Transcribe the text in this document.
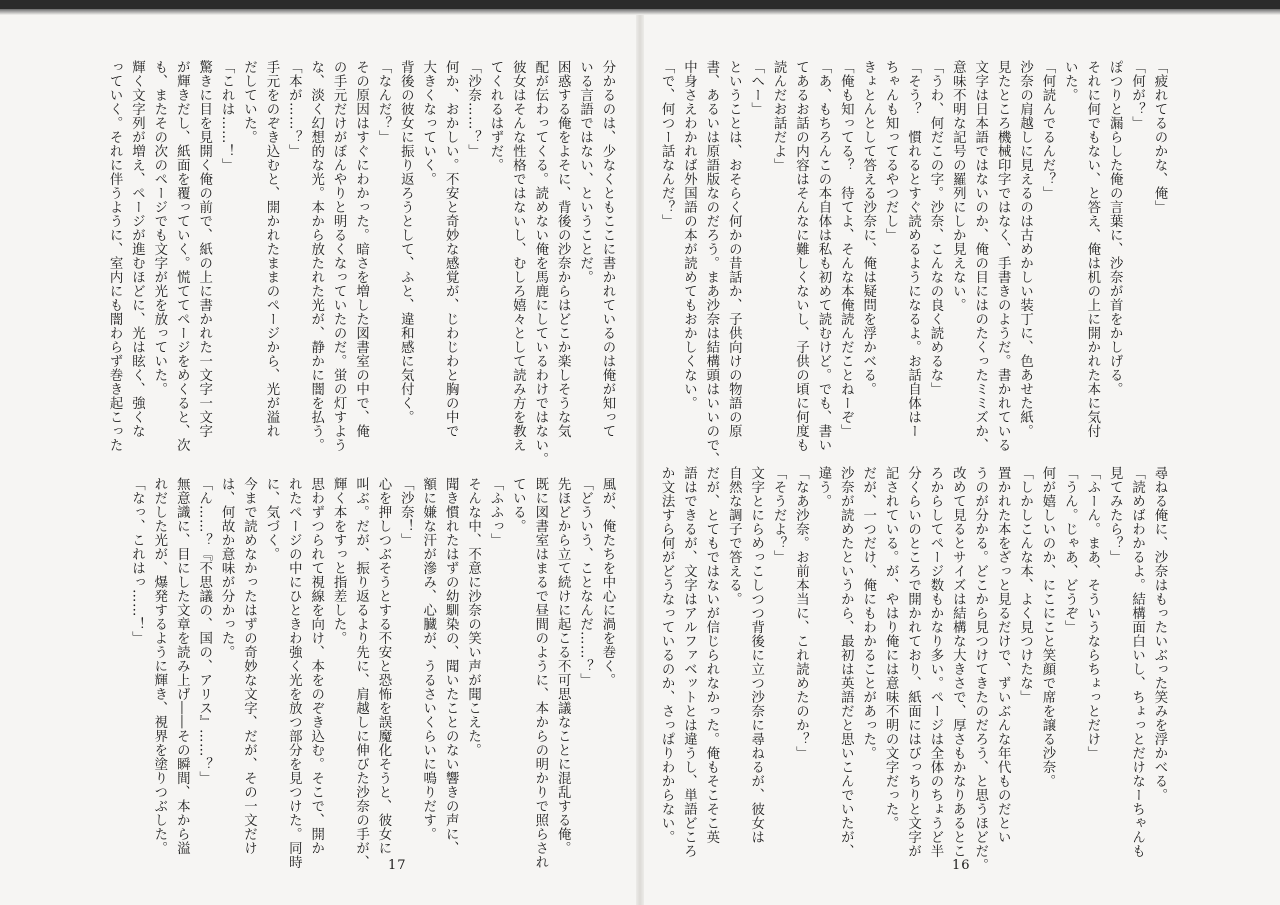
分かるのは、少なくともここに書かれているのは俺が知って
いる言語ではない、ということだ。
困惑する俺をよそに、背後の沙奈からはどこか楽しそうな気
配が伝わってくる。読めない俺を馬鹿にしているわけではない。
彼女はそんな性格ではないし、むしろ嬉々として読み方を教え
てくれるはずだ。
「沙奈……？」
何か、おかしい。不安と奇妙な感覚が、じわじわと胸の中で
大きくなっていく。
背後の彼女に振り返ろうとして、ふと、違和感に気付く。
「なんだ？」
その原因はすぐにわかった。暗さを増した図書室の中で、俺
の手元だけがぼんやりと明るくなっていたのだ。蛍の灯すよう
な、淡く幻想的な光。本から放たれた光が、静かに闇を払う。
「本が……？」
手元をのぞき込むと、開かれたままのページから、光が溢れ
だしていた。
「これは……！」
驚きに目を見開く俺の前で、紙の上に書かれた一文字一文字
が輝きだし、紙面を覆っていく。慌ててページをめくると、次
も、またその次のページでも文字が光を放っていた。
輝く文字列が増え、ページが進むほどに、光は眩く、強くな
っていく。それに伴うように、室内にも闇わらず巻き起こった
風が、俺たちを中心に渦を巻く。
「どういう、ことなんだ……？」
先ほどから立て続けに起こる不可思議なことに混乱する俺。
既に図書室はまるで昼間のように、本からの明かりで照らされ
ている。
「ふふっ」
そんな中、不意に沙奈の笑い声が聞こえた。
聞き慣れたはずの幼馴染の、聞いたことのない響きの声に、
額に嫌な汗が滲み、心臓が、うるさいくらいに鳴りだす。
「沙奈！」
心を押しつぶそうとする不安と恐怖を誤魔化そうと、彼女に
叫ぶ。だが、振り返るより先に、肩越しに伸びた沙奈の手が、
輝く本をすっと指差した。
思わずつられて視線を向け、本をのぞき込む。そこで、開か
れたページの中にひときわ強く光を放つ部分を見つけた。同時
に、気づく。
今まで読めなかったはずの奇妙な文字、だが、その一文だけ
は、何故か意味が分かった。
「ん……？『不思議の、国の、アリス』……？」
無意識に、目にした文章を読み上げ――その瞬間、本から溢
れだした光が、爆発するように輝き、視界を塗りつぶした。
「なっ、これはっ……！」
17
「疲れてるのかな、俺」
「何が？」
ぽつりと漏らした俺の言葉に、沙奈が首をかしげる。
それに何でもない、と答え、俺は机の上に開かれた本に気付
いた。
「何読んでるんだ？」
沙奈の肩越しに見えるのは古めかしい装丁に、色あせた紙。
見たところ機械印字ではなく、手書きのようだ。書かれている
文字は日本語ではないのか、俺の目にはのたくったミミズか、
意味不明な記号の羅列にしか見えない。
「うわ、何だこの字。沙奈、こんなの良く読めるな」
「そう？　慣れるとすぐ読めるようになるよ。お話自体はー
ちゃんも知ってるやつだし」
きょとんとして答える沙奈に、俺は疑問を浮かべる。
「俺も知ってる？　待てよ、そんな本俺読んだことねーぞ」
「あ、もちろんこの本自体は私も初めて読むけど。でも、書い
てあるお話の内容はそんなに難しくないし、子供の頃に何度も
読んだお話だよ」
「へー」
ということは、おそらく何かの昔話か、子供向けの物語の原
書、あるいは原語版なのだろう。まあ沙奈は結構頭はいいので、
中身さえわかれば外国語の本が読めてもおかしくない。
「で、何つー話なんだ？」
尋ねる俺に、沙奈はもったいぶった笑みを浮かべる。
「読めばわかるよ。結構面白いし、ちょっとだけなーちゃんも
見てみたら？」
「ふーん。まあ、そういうならちょっとだけ」
「うん。じゃあ、どうぞ」
何が嬉しいのか、にこにこと笑顔で席を譲る沙奈。
「しかしこんな本、よく見つけたな」
置かれた本をざっと見るだけで、ずいぶんな年代ものだとい
うのが分かる。どこから見つけてきたのだろう、と思うほどだ。
改めて見るとサイズは結構な大きさで、厚さもかなりあるとこ
ろからしてページ数もかなり多い。ページは全体のちょうど半
分くらいのところで開かれており、紙面にはびっちりと文字が
記されている。が、やはり俺には意味不明の文字だった。
だが、一つだけ、俺にもわかることがあった。
沙奈が読めたというから、最初は英語だと思いこんでいたが、
違う。
「なあ沙奈。お前本当に、これ読めたのか？」
「そうだよ？」
文字とにらめっこしつつ背後に立つ沙奈に尋ねるが、彼女は
自然な調子で答える。
だが、とてもではないが信じられなかった。俺もそこそこ英
語はできるが、文字はアルファベットとは違うし、単語どころ
か文法すら何がどうなっているのか、さっぱりわからない。
16
